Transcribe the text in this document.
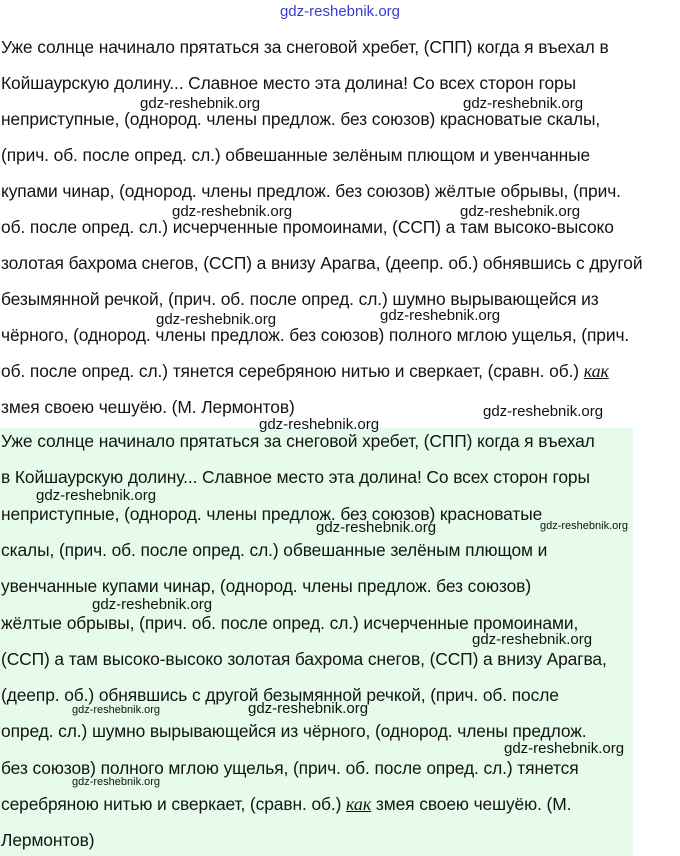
gdz-reshebnik.org
Уже солнце начинало прятаться за снеговой хребет, (СПП) когда я въехал в
Койшаурскую долину... Славное место эта долина! Со всех сторон горы
неприступные, (однород. члены предлож. без союзов) красноватые скалы,
(прич. об. после опред. сл.) обвешанные зелёным плющом и увенчанные
купами чинар, (однород. члены предлож. без союзов) жёлтые обрывы, (прич.
об. после опред. сл.) исчерченные промоинами, (ССП) а там высоко-высоко
золотая бахрома снегов, (ССП) а внизу Арагва, (деепр. об.) обнявшись с другой
безымянной речкой, (прич. об. после опред. сл.) шумно вырывающейся из
чёрного, (однород. члены предлож. без союзов) полного мглою ущелья, (прич.
об. после опред. сл.) тянется серебряною нитью и сверкает, (сравн. об.) как
змея своею чешуёю. (М. Лермонтов)
Уже солнце начинало прятаться за снеговой хребет, (СПП) когда я въехал
в Койшаурскую долину... Славное место эта долина! Со всех сторон горы
неприступные, (однород. члены предлож. без союзов) красноватые
скалы, (прич. об. после опред. сл.) обвешанные зелёным плющом и
увенчанные купами чинар, (однород. члены предлож. без союзов)
жёлтые обрывы, (прич. об. после опред. сл.) исчерченные промоинами,
(ССП) а там высоко-высоко золотая бахрома снегов, (ССП) а внизу Арагва,
(деепр. об.) обнявшись с другой безымянной речкой, (прич. об. после
опред. сл.) шумно вырывающейся из чёрного, (однород. члены предлож.
без союзов) полного мглою ущелья, (прич. об. после опред. сл.) тянется
серебряною нитью и сверкает, (сравн. об.) как змея своею чешуёю. (М.
Лермонтов)
gdz-reshebnik.org	gdz-reshebnik.org
gdz-reshebnik.org	gdz-reshebnik.org
gdz-reshebnik.org	gdz-reshebnik.org
gdz-reshebnik.org
gdz-reshebnik.org
gdz-reshebnik.org
gdz-reshebnik.org	gdz-reshebnik.org
gdz-reshebnik.org
gdz-reshebnik.org
gdz-reshebnik.org	gdz-reshebnik.org
gdz-reshebnik.org
gdz-reshebnik.org
